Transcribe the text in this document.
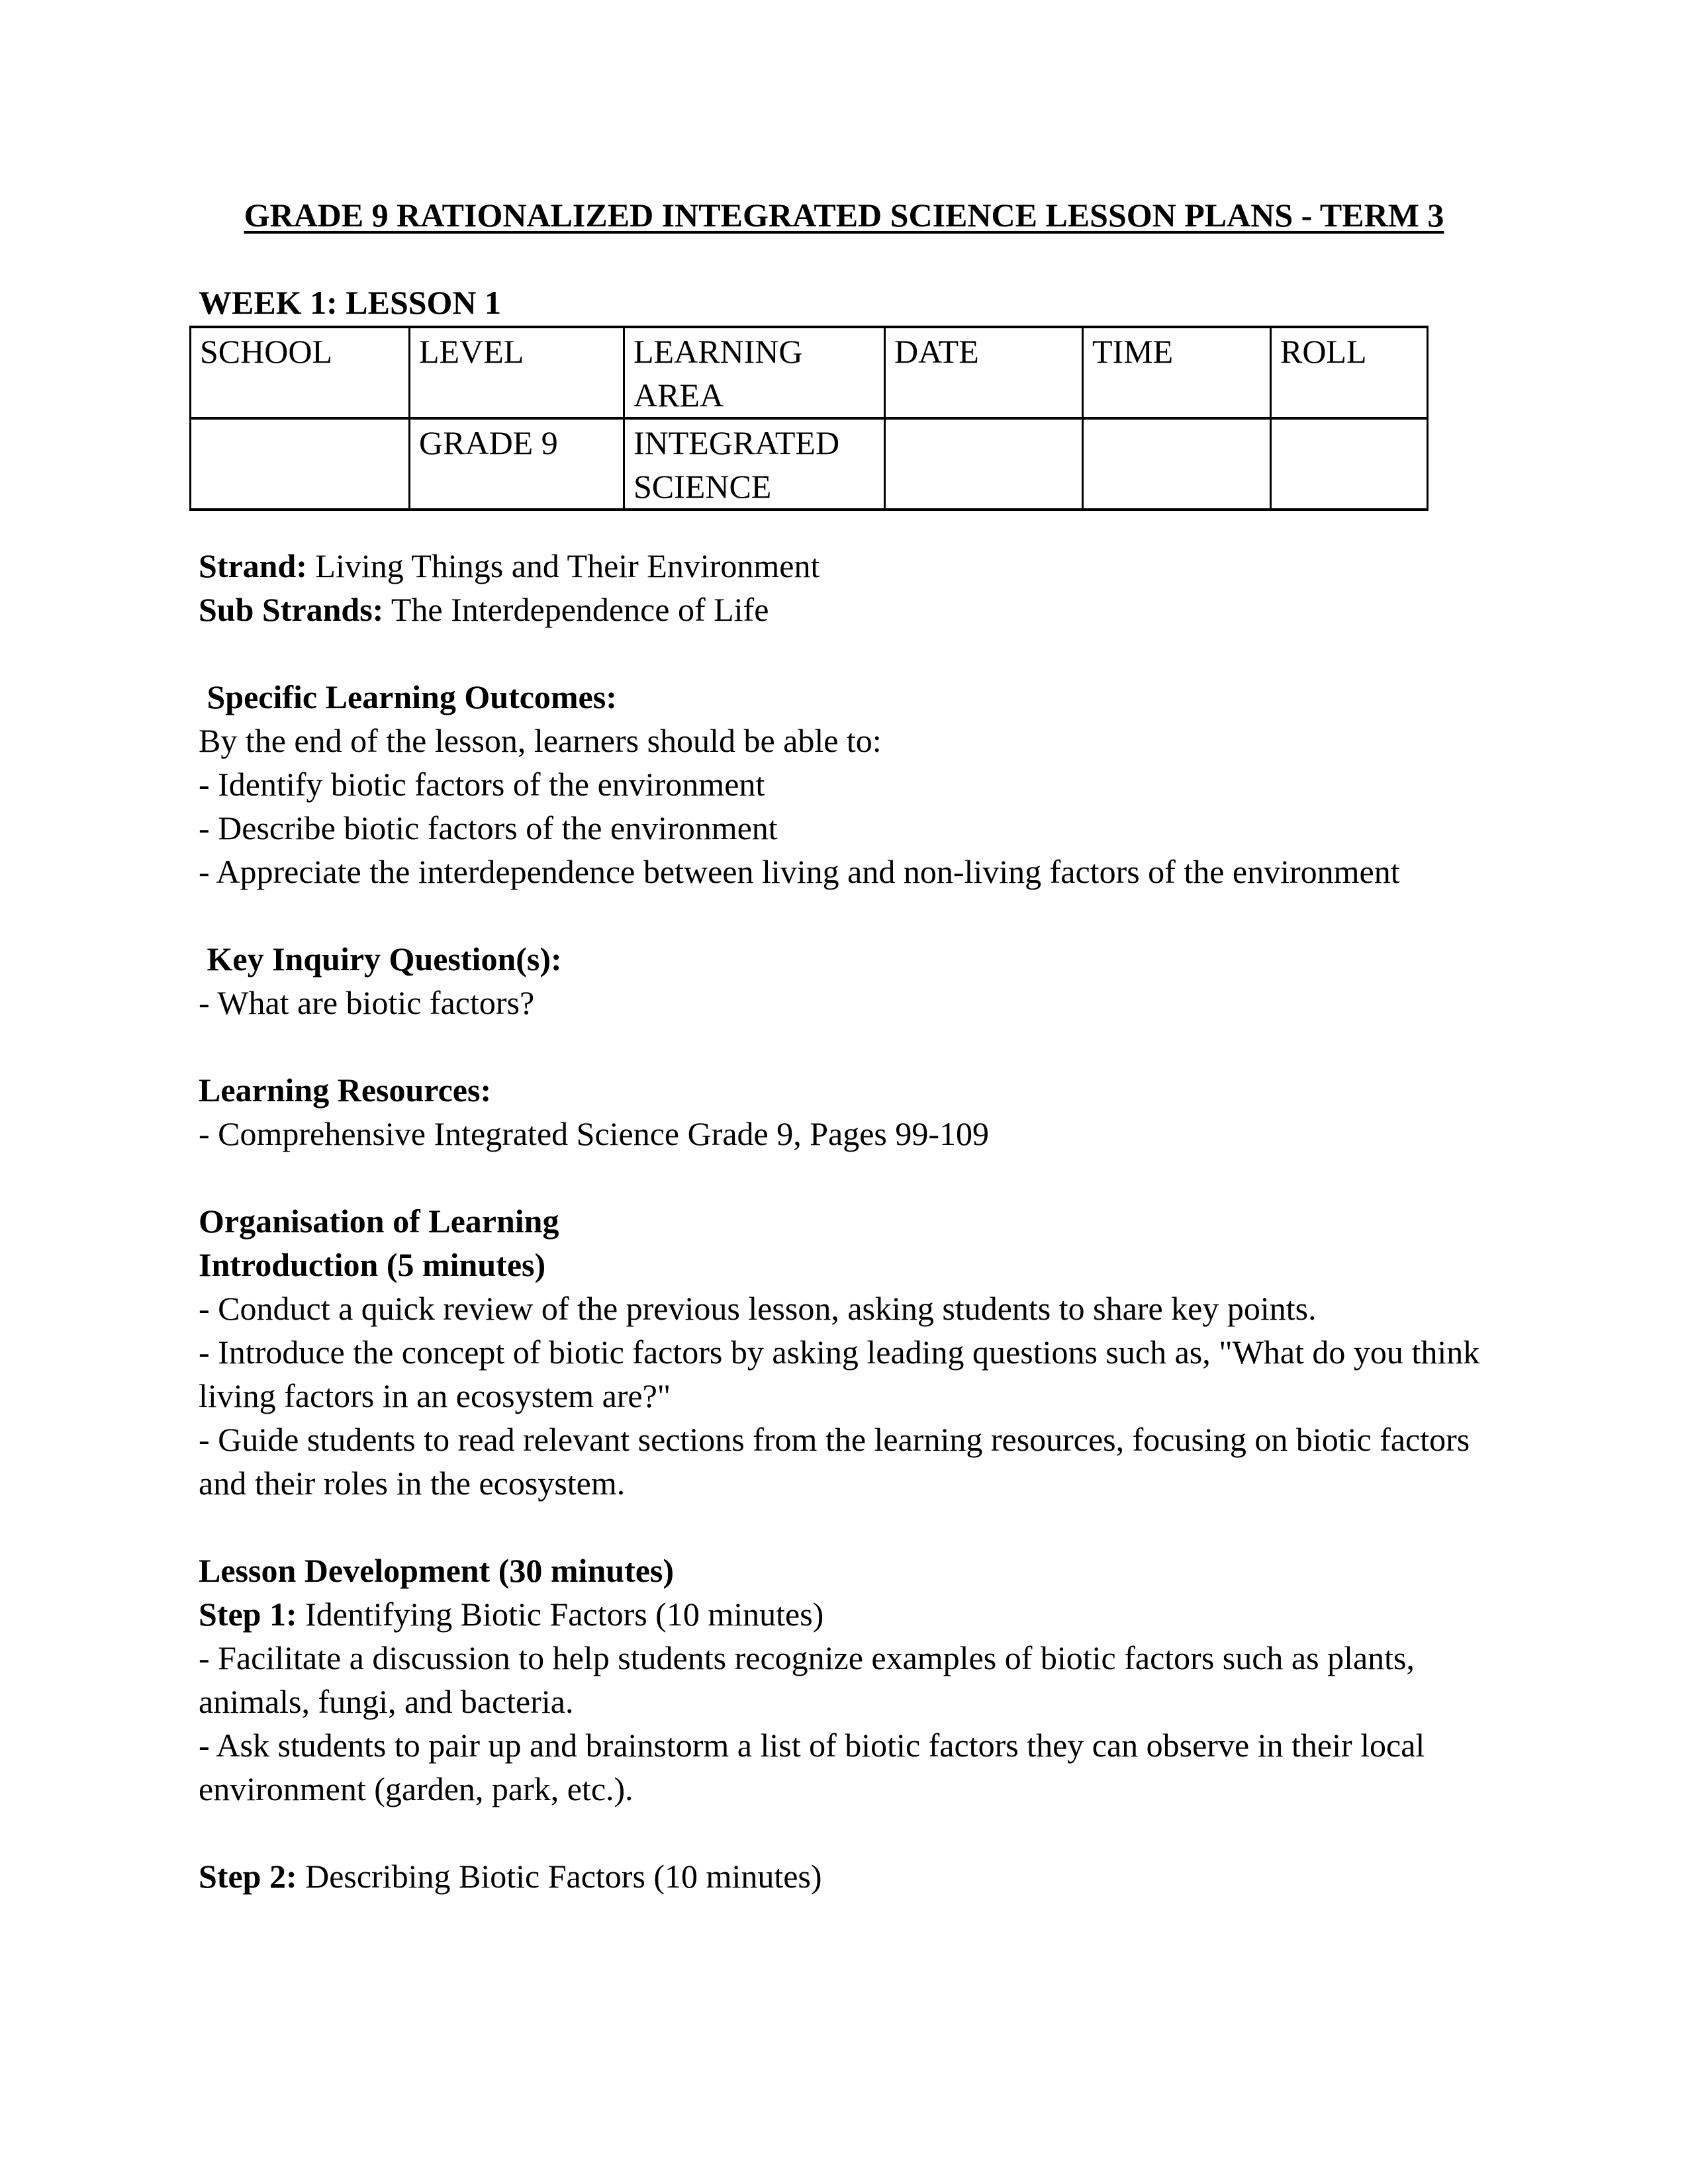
GRADE 9 RATIONALIZED INTEGRATED SCIENCE LESSON PLANS - TERM 3
WEEK 1: LESSON 1
SCHOOL	LEVEL	LEARNING AREA	DATE	TIME	ROLL
	GRADE 9	INTEGRATED SCIENCE			
Strand: Living Things and Their Environment
Sub Strands: The Interdependence of Life
Specific Learning Outcomes:
By the end of the lesson, learners should be able to:
- Identify biotic factors of the environment
- Describe biotic factors of the environment
- Appreciate the interdependence between living and non-living factors of the environment
Key Inquiry Question(s):
- What are biotic factors?
Learning Resources:
- Comprehensive Integrated Science Grade 9, Pages 99-109
Organisation of Learning
Introduction (5 minutes)
- Conduct a quick review of the previous lesson, asking students to share key points.
- Introduce the concept of biotic factors by asking leading questions such as, "What do you think living factors in an ecosystem are?"
- Guide students to read relevant sections from the learning resources, focusing on biotic factors and their roles in the ecosystem.
Lesson Development (30 minutes)
Step 1: Identifying Biotic Factors (10 minutes)
- Facilitate a discussion to help students recognize examples of biotic factors such as plants, animals, fungi, and bacteria.
- Ask students to pair up and brainstorm a list of biotic factors they can observe in their local environment (garden, park, etc.).
Step 2: Describing Biotic Factors (10 minutes)
